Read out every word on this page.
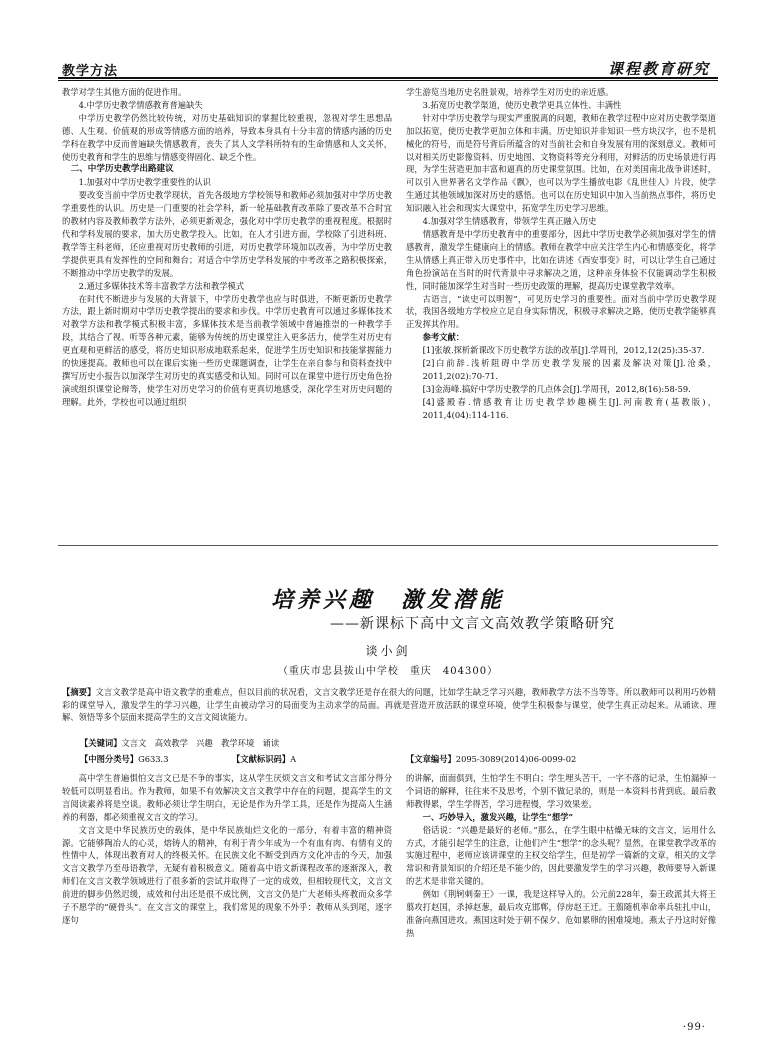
教学方法	课程教育研究

教学对学生其他方面的促进作用。

4.中学历史教学情感教育普遍缺失

中学历史教学仍然比较传统，对历史基础知识的掌握比较重视，忽视对学生思想品德、人生观、价值观的形成等情感方面的培养，导致本身具有十分丰富的情感内涵的历史学科在教学中反而普遍缺失情感教育，丧失了其人文学科所特有的生命情感和人文关怀，使历史教育和学生的思维与情感变得固化、缺乏个性。

二、中学历史教学出路建议

1.加强对中学历史教学重要性的认识

要改变当前中学历史教学现状，首先各级地方学校领导和教师必须加强对中学历史教学重要性的认识。历史是一门重要的社会学科，新一轮基础教育改革除了要改革不合时宜的教材内容及教师教学方法外，必须更新观念，强化对中学历史教学的重视程度。根据时代和学科发展的要求，加大历史教学投入。比如，在人才引进方面，学校除了引进科班、教学等主科老师，还应重视对历史教师的引进，对历史教学环境加以改善，为中学历史教学提供更具有发挥性的空间和舞台；对适合中学历史学科发展的中考改革之路积极探索，不断推动中学历史教学的发展。

2.通过多媒体技术等丰富教学方法和教学模式

在时代不断进步与发展的大背景下，中学历史教学也应与时俱进，不断更新历史教学方法，跟上新时期对中学历史教学提出的要求和步伐。中学历史教育可以通过多媒体技术对教学方法和教学模式积极丰富，多媒体技术是当前教学领域中普遍推崇的一种教学手段，其结合了视、听等各种元素，能够为传统的历史课堂注入更多活力，使学生对历史有更直观和更鲜活的感受，将历史知识形成地联系起来，促进学生历史知识和技能掌握能力的快速提高。教师也可以在课后实施一些历史课题调查，让学生在亲自参与和资料查找中撰写历史小报告以加深学生对历史的真实感受和认知。同时可以在课堂中进行历史角色扮演或组织课堂论辩等，使学生对历史学习的价值有更真切地感受，深化学生对历史问题的理解。此外，学校也可以通过组织

学生游览当地历史名胜景观，培养学生对历史的亲近感。

3.拓宽历史教学渠道，使历史教学更具立体性、丰满性

针对中学历史教学与现实严重脱离的问题，教师在教学过程中应对历史教学渠道加以拓宽，使历史教学更加立体和丰满。历史知识并非知识一些方块汉字，也不是机械化的符号，而是符号背后所蕴含的对当前社会和自身发展有用的深刻意义。教师可以对相关历史影像资料、历史地图、文物资料等充分利用，对鲜活的历史场景进行再现，为学生营造更加丰富和逼真的历史课堂氛围。比如，在对美国南北战争讲述时，可以引入世界著名文学作品《飘》，也可以为学生播放电影《乱世佳人》片段，使学生通过其他领域加深对历史的感悟。也可以在历史知识中加入当前热点事件，将历史知识融入社会和现实大课堂中，拓宽学生历史学习思维。

4.加强对学生情感教育，带领学生真正融入历史

情感教育是中学历史教育中的重要部分，因此中学历史教学必须加强对学生的情感教育，激发学生健康向上的情感。教师在教学中应关注学生内心和情感变化，将学生从情感上真正带入历史事件中，比如在讲述《西安事变》时，可以让学生自己通过角色扮演站在当时的时代背景中寻求解决之道，这种亲身体验不仅能调动学生积极性，同时能加深学生对当时一些历史政策的理解，提高历史课堂教学效率。

古语言，“读史可以明智”，可见历史学习的重要性。面对当前中学历史教学现状，我国各级地方学校应立足自身实际情况，积极寻求解决之路，使历史教学能够真正发挥其作用。

参考文献：

[1]张敏.探析新课改下历史教学方法的改革[J].学周刊，2012,12(25):35-37.

[2]白前辞.浅析阻碍中学历史教学发展的因素及解决对策[J].沧桑，2011,2(02):70-71.

[3]金海峰.搞好中学历史教学的几点体会[J].学周刊，2012,8(16):58-59.

[4]盛殿春.情感教育让历史教学妙趣横生[J].河南教育(基教版)，2011,4(04):114-116.

培养兴趣　激发潜能
——新课标下高中文言文高效教学策略研究
谈小剑
（重庆市忠县拔山中学校　重庆　404300）
【摘要】文言文教学是高中语文教学的重难点，但以目前的状况看，文言文教学还是存在很大的问题，比如学生缺乏学习兴趣，教师教学方法不当等等。所以教师可以利用巧妙精彩的课堂导入，激发学生的学习兴趣，让学生由被动学习的局面变为主动求学的局面。再就是营造开放活跃的课堂环境，使学生积极参与课堂，使学生真正动起来。从诵读、理解、领悟等多个层面来提高学生的文言文阅读能力。
【关键词】文言文　高效教学　兴趣　教学环境　诵读
【中图分类号】G633.3	【文献标识码】A	【文章编号】2095-3089(2014)06-0099-02

高中学生普遍惧怕文言文已是不争的事实，这从学生厌烦文言文和考试文言部分得分较低可以明显看出。作为教师，如果不有效解决文言文教学中存在的问题，提高学生的文言阅读素养将是空谈。教师必须让学生明白，无论是作为升学工具，还是作为提高人生涵养的利器，都必须重视文言文的学习。

文言文是中华民族历史的载体，是中华民族灿烂文化的一部分，有着丰富的精神资源。它能够陶冶人的心灵，熔铸人的精神，有利于青少年成为一个有血有肉、有情有义的性情中人，体现出教育对人的终极关怀。在民族文化不断受到西方文化冲击的今天，加强文言文教学乃至母语教学，无疑有着积极意义。随着高中语文新课程改革的逐渐深入，教师们在文言文教学领域进行了很多新的尝试并取得了一定的成效，但相较现代文，文言文前进的脚步仍然迟缓，成效和付出还是很不成比例，文言文仍是广大老师头疼教而众多学子不愿学的“硬骨头”。在文言文的课堂上，我们常见的现象不外乎：教师从头到尾，逐字逐句

的讲解，面面俱到，生怕学生不明白；学生埋头苦干，一字不落的记录，生怕漏掉一个词语的解释，往往来不及思考，个别不做记录的，则是一本资料书背到底。最后教师教得累，学生学得苦，学习进程慢，学习效果差。

一、巧妙导入，激发兴趣，让学生“想学”

俗话说：“兴趣是最好的老师。”那么，在学生眼中枯燥无味的文言文，运用什么方式，才能引起学生的注意，让他们产生“想学”的念头呢？显然，在课堂教学改革的实施过程中，老师应该讲课堂的主权交给学生，但是初学一篇新的文章，相关的文学常识和背景知识的介绍还是不能少的，因此要激发学生的学习兴趣，教师要导入新课的艺术是非常关键的。

例如《荆轲刺秦王》一课，我是这样导入的。公元前228年，秦王政派其大将王翦攻打赵国，杀掉赵葱，最后攻克邯郸，俘房赵王迁。王翦随机率命率兵驻扎中山，准备向燕国进攻。燕国这时处于朝不保夕、危如累卵的困难境地。燕太子丹这时好像热

·99·
